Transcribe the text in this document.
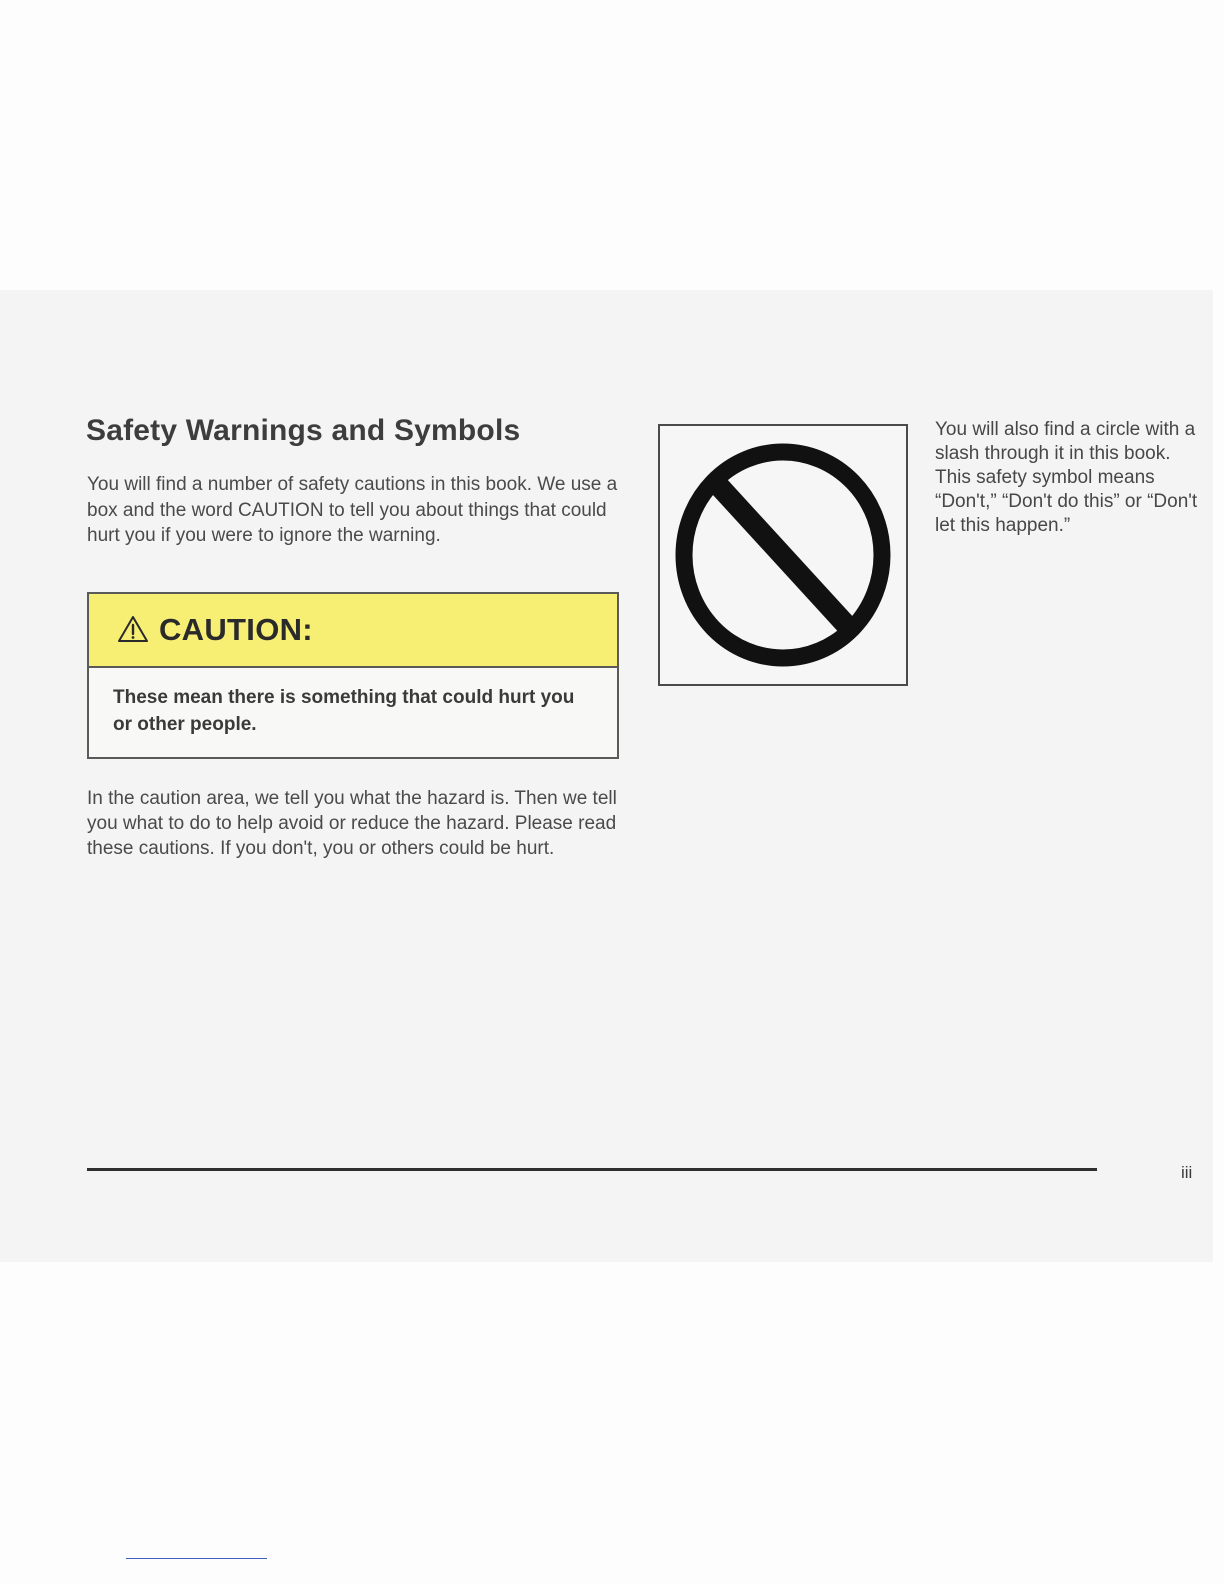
Safety Warnings and Symbols

You will find a number of safety cautions in this book. We use a box and the word CAUTION to tell you about things that could hurt you if you were to ignore the warning.

CAUTION:
These mean there is something that could hurt you or other people.

In the caution area, we tell you what the hazard is. Then we tell you what to do to help avoid or reduce the hazard. Please read these cautions. If you don't, you or others could be hurt.

You will also find a circle with a slash through it in this book. This safety symbol means “Don't,” “Don't do this” or “Don't let this happen.”

iii
